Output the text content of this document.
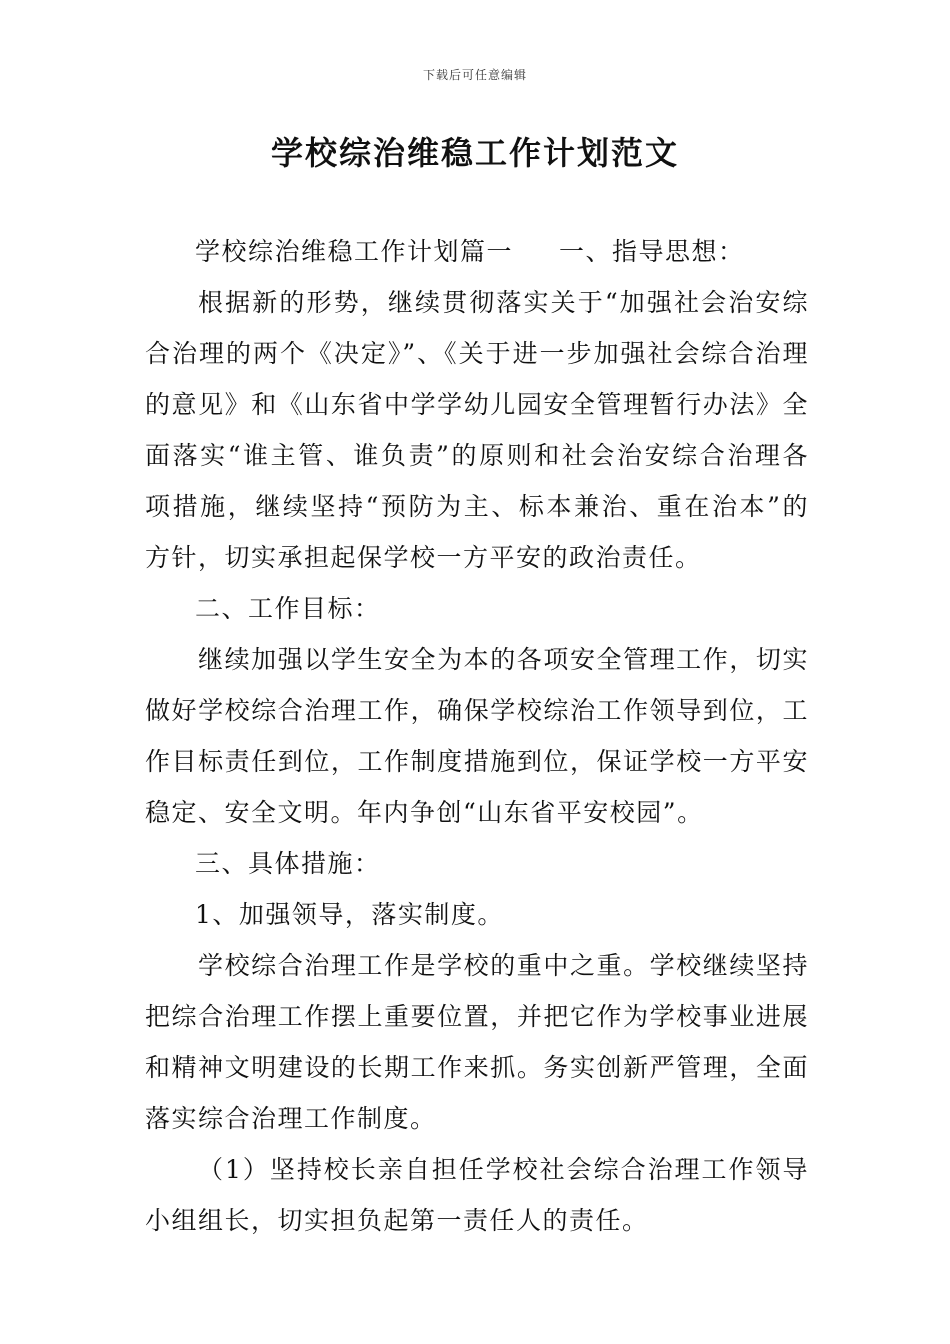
下载后可任意编辑
学校综治维稳工作计划范文

学校综治维稳工作计划篇一 一、指导思想：

根据新的形势，继续贯彻落实关于“加强社会治安综合治理的两个《决定》”、《关于进一步加强社会综合治理的意见》和《山东省中学学幼儿园安全管理暂行办法》全面落实“谁主管、谁负责”的原则和社会治安综合治理各项措施，继续坚持“预防为主、标本兼治、重在治本”的方针，切实承担起保学校一方平安的政治责任。

二、工作目标：

继续加强以学生安全为本的各项安全管理工作，切实做好学校综合治理工作，确保学校综治工作领导到位，工作目标责任到位，工作制度措施到位，保证学校一方平安稳定、安全文明。年内争创“山东省平安校园”。

三、具体措施：

1、加强领导，落实制度。

学校综合治理工作是学校的重中之重。学校继续坚持把综合治理工作摆上重要位置，并把它作为学校事业进展和精神文明建设的长期工作来抓。务实创新严管理，全面落实综合治理工作制度。

（1）坚持校长亲自担任学校社会综合治理工作领导小组组长，切实担负起第一责任人的责任。
